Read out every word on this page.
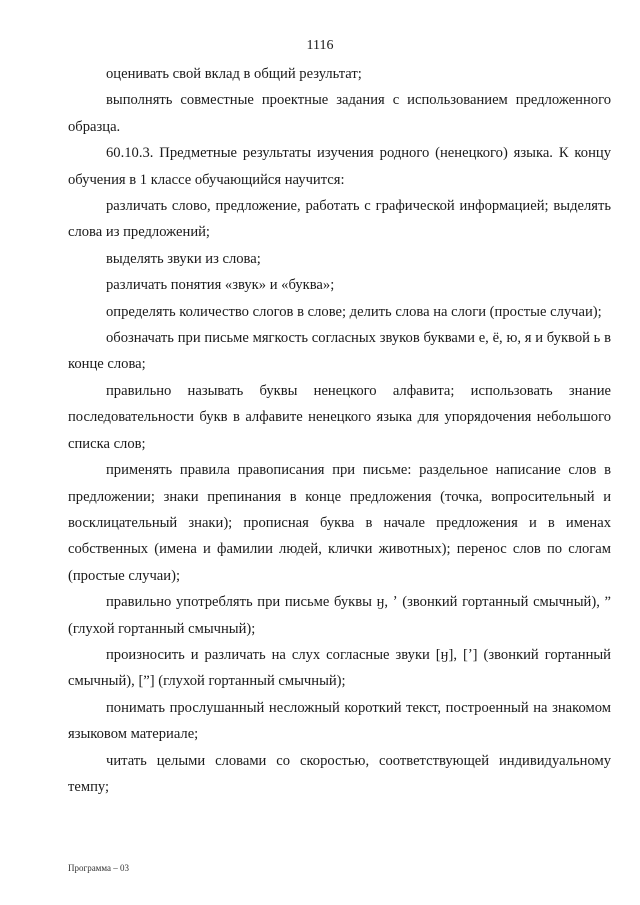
1116

оценивать свой вклад в общий результат;

выполнять совместные проектные задания с использованием предложенного образца.

60.10.3. Предметные результаты изучения родного (ненецкого) языка. К концу обучения в 1 классе обучающийся научится:

различать слово, предложение, работать с графической информацией; выделять слова из предложений;

выделять звуки из слова;

различать понятия «звук» и «буква»;

определять количество слогов в слове; делить слова на слоги (простые случаи);

обозначать при письме мягкость согласных звуков буквами е, ё, ю, я и буквой ь в конце слова;

правильно называть буквы ненецкого алфавита; использовать знание последовательности букв в алфавите ненецкого языка для упорядочения небольшого списка слов;

применять правила правописания при письме: раздельное написание слов в предложении; знаки препинания в конце предложения (точка, вопросительный и восклицательный знаки); прописная буква в начале предложения и в именах собственных (имена и фамилии людей, клички животных); перенос слов по слогам (простые случаи);

правильно употреблять при письме буквы ӈ, ʼ (звонкий гортанный смычный), ” (глухой гортанный смычный);

произносить и различать на слух согласные звуки [ӈ], [ʼ] (звонкий гортанный смычный), [”] (глухой гортанный смычный);

понимать прослушанный несложный короткий текст, построенный на знакомом языковом материале;

читать целыми словами со скоростью, соответствующей индивидуальному темпу;

Программа – 03
